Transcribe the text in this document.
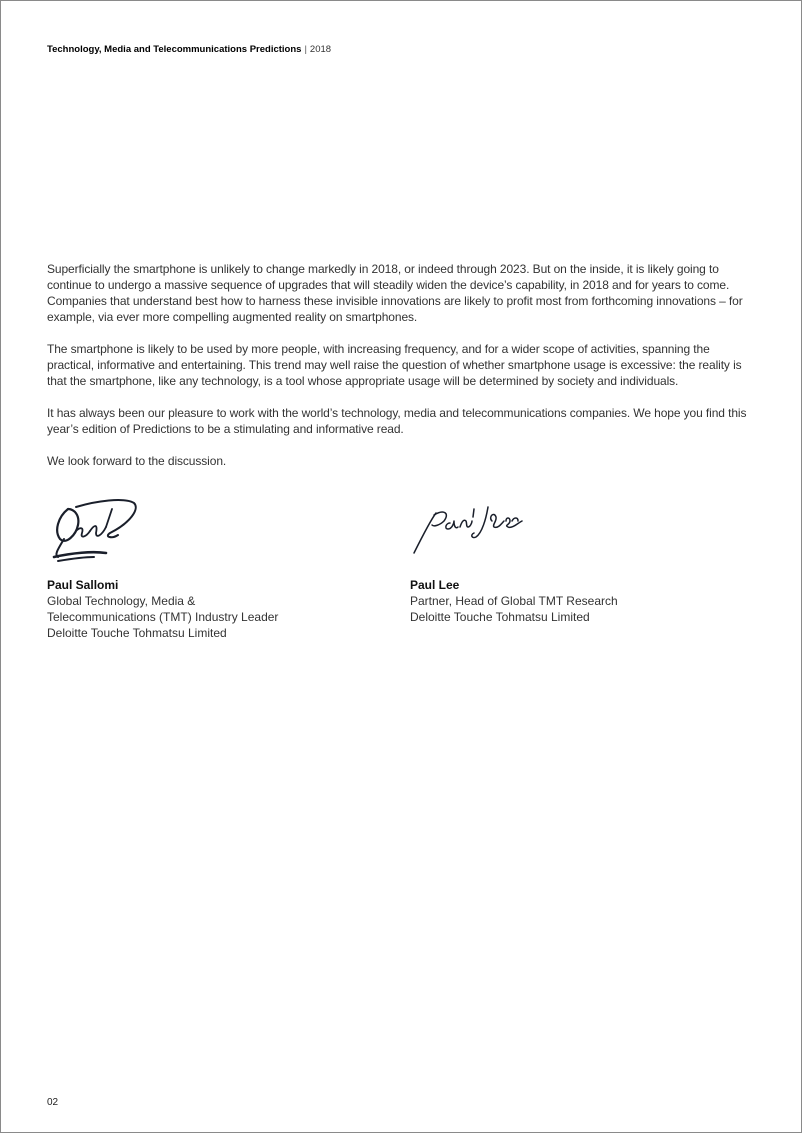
Technology, Media and Telecommunications Predictions | 2018

Superficially the smartphone is unlikely to change markedly in 2018, or indeed through 2023. But on the inside, it is likely going to continue to undergo a massive sequence of upgrades that will steadily widen the device’s capability, in 2018 and for years to come. Companies that understand best how to harness these invisible innovations are likely to profit most from forthcoming innovations – for example, via ever more compelling augmented reality on smartphones.

The smartphone is likely to be used by more people, with increasing frequency, and for a wider scope of activities, spanning the practical, informative and entertaining. This trend may well raise the question of whether smartphone usage is excessive: the reality is that the smartphone, like any technology, is a tool whose appropriate usage will be determined by society and individuals.

It has always been our pleasure to work with the world’s technology, media and telecommunications companies. We hope you find this year’s edition of Predictions to be a stimulating and informative read.

We look forward to the discussion.

Paul Sallomi
Global Technology, Media &
Telecommunications (TMT) Industry Leader
Deloitte Touche Tohmatsu Limited
Paul Lee
Partner, Head of Global TMT Research
Deloitte Touche Tohmatsu Limited
02
